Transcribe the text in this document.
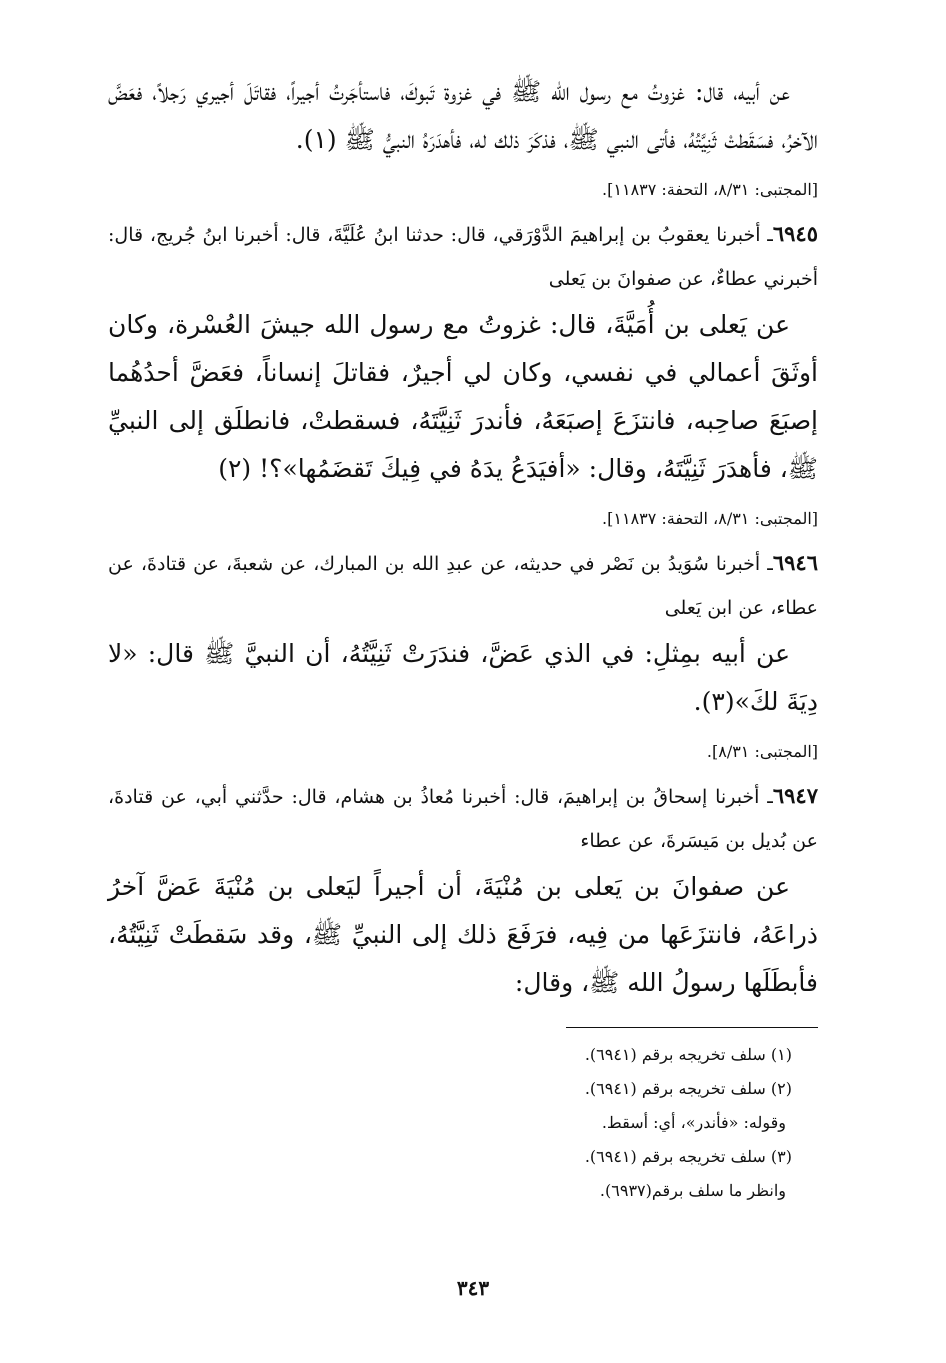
عن أبيه، قال: غزوتُ مع رسول الله ﷺ في غزوة تَبوكَ، فاستأجَرتُ أجيراً، فقاتَلَ أجيري رَجلاً، فعَضَّ الآخرُ، فسَقَطتْ ثَنِيَّتُهُ، فأتى النبي ﷺ، فذكَرَ ذلك له، فأهدَرَهُ النبيُّ ﷺ (١).

[المجتبى: ٨/٣١، التحفة: ١١٨٣٧].

٦٩٤٥ـ أخبرنا يعقوبُ بن إبراهيمَ الدَّوْرَقي، قال: حدثنا ابنُ عُلَيَّةَ، قال: أخبرنا ابنُ جُريج، قال: أخبرني عطاءٌ، عن صفوانَ بن يَعلى

عن يَعلى بن أُمَيَّةَ، قال: غزوتُ مع رسول الله جيشَ العُسْرة، وكان أوثَقَ أعمالي في نفسي، وكان لي أجيرٌ، فقاتلَ إنساناً، فعَضَّ أحدُهُما إصبَعَ صاحِبه، فانتزَعَ إصبَعَهُ، فأندرَ ثَنِيَّتَهُ، فسقطتْ، فانطلَق إلى النبيِّ ﷺ، فأهدَرَ ثَنِيَّتَهُ، وقال: «أفيَدَعُ يدَهُ في فِيكَ تَقضَمُها»؟! (٢)

[المجتبى: ٨/٣١، التحفة: ١١٨٣٧].

٦٩٤٦ـ أخبرنا سُوَيدُ بن نَصْر في حديثه، عن عبدِ الله بن المبارك، عن شعبةَ، عن قتادةَ، عن عطاء، عن ابن يَعلى

عن أبيه بمِثلِ: في الذي عَضَّ، فندَرَتْ ثَنِيَّتُهُ، أن النبيَّ ﷺ قال: «لا دِيَةَ لكَ»(٣).

[المجتبى: ٨/٣١].

٦٩٤٧ـ أخبرنا إسحاقُ بن إبراهيمَ، قال: أخبرنا مُعاذُ بن هشام، قال: حدَّثني أبي، عن قتادةَ، عن بُديل بن مَيسَرةَ، عن عطاء

عن صفوانَ بن يَعلى بن مُنْيَةَ، أن أجيراً ليَعلى بن مُنْيَةَ عَضَّ آخرُ ذراعَهُ، فانتزَعَها من فِيه، فرَفَعَ ذلك إلى النبيِّ ﷺ، وقد سَقطَتْ ثَنِيَّتُهُ، فأبطَلَها رسولُ الله ﷺ، وقال:

(١) سلف تخريجه برقم (٦٩٤١).

(٢) سلف تخريجه برقم (٦٩٤١).

وقوله: «فأندر»، أي: أسقط.

(٣) سلف تخريجه برقم (٦٩٤١).

وانظر ما سلف برقم(٦٩٣٧).

٣٤٣
